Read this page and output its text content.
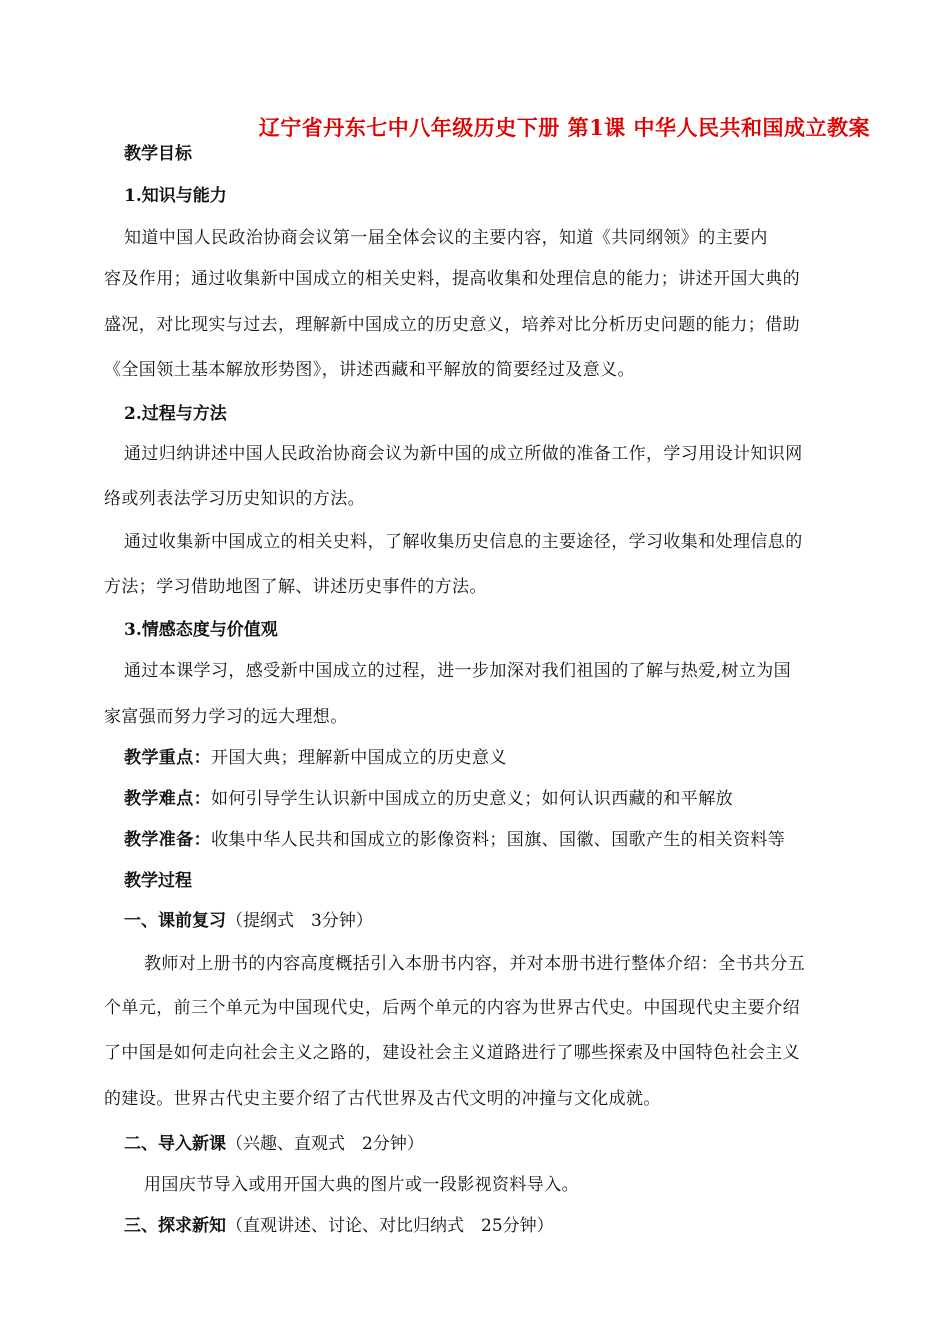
辽宁省丹东七中八年级历史下册 第1课 中华人民共和国成立教案
教学目标
1.知识与能力
知道中国人民政治协商会议第一届全体会议的主要内容，知道《共同纲领》的主要内
容及作用；通过收集新中国成立的相关史料，提高收集和处理信息的能力；讲述开国大典的
盛况，对比现实与过去，理解新中国成立的历史意义，培养对比分析历史问题的能力；借助
《全国领土基本解放形势图》，讲述西藏和平解放的简要经过及意义。
2.过程与方法
通过归纳讲述中国人民政治协商会议为新中国的成立所做的准备工作，学习用设计知识网
络或列表法学习历史知识的方法。
通过收集新中国成立的相关史料，了解收集历史信息的主要途径，学习收集和处理信息的
方法；学习借助地图了解、讲述历史事件的方法。
3.情感态度与价值观
通过本课学习，感受新中国成立的过程，进一步加深对我们祖国的了解与热爱,树立为国
家富强而努力学习的远大理想。
教学重点：开国大典；理解新中国成立的历史意义
教学难点：如何引导学生认识新中国成立的历史意义；如何认识西藏的和平解放
教学准备：收集中华人民共和国成立的影像资料；国旗、国徽、国歌产生的相关资料等
教学过程
一、课前复习（提纲式　3分钟）
教师对上册书的内容高度概括引入本册书内容，并对本册书进行整体介绍：全书共分五
个单元，前三个单元为中国现代史，后两个单元的内容为世界古代史。中国现代史主要介绍
了中国是如何走向社会主义之路的，建设社会主义道路进行了哪些探索及中国特色社会主义
的建设。世界古代史主要介绍了古代世界及古代文明的冲撞与文化成就。
二、导入新课（兴趣、直观式　2分钟）
用国庆节导入或用开国大典的图片或一段影视资料导入。
三、探求新知（直观讲述、讨论、对比归纳式　25分钟）
